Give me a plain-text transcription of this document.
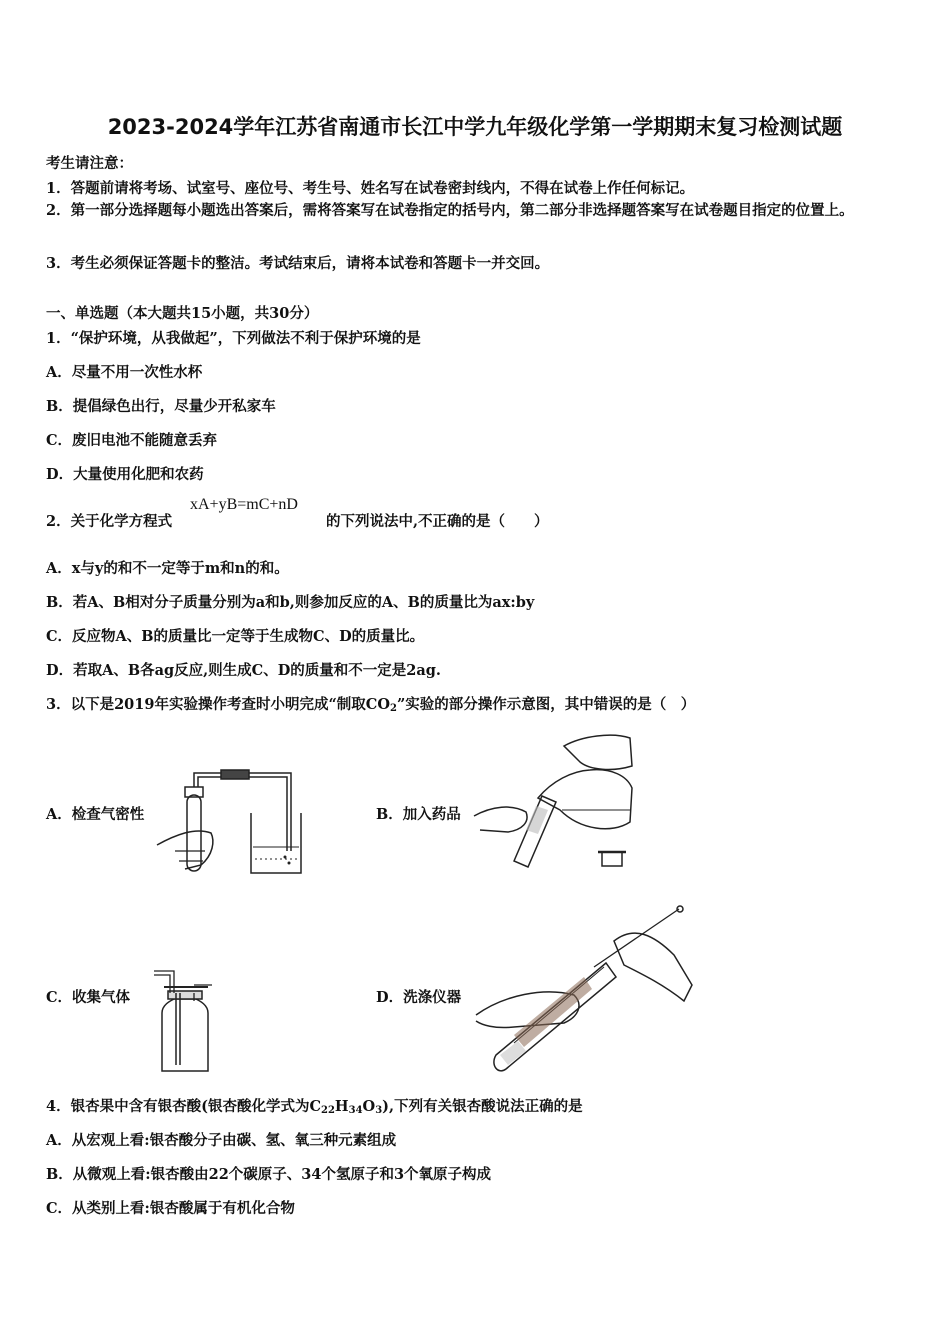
2023-2024学年江苏省南通市长江中学九年级化学第一学期期末复习检测试题
考生请注意：
1．答题前请将考场、试室号、座位号、考生号、姓名写在试卷密封线内，不得在试卷上作任何标记。
2．第一部分选择题每小题选出答案后，需将答案写在试卷指定的括号内，第二部分非选择题答案写在试卷题目指定的位置上。
3．考生必须保证答题卡的整洁。考试结束后，请将本试卷和答题卡一并交回。
一、单选题（本大题共15小题，共30分）
1．“保护环境，从我做起”，下列做法不利于保护环境的是
A．尽量不用一次性水杯
B．提倡绿色出行，尽量少开私家车
C．废旧电池不能随意丢弃
D．大量使用化肥和农药
2．关于化学方程式
xA+yB=mC+nD
的下列说法中,不正确的是（　　）
A．x与y的和不一定等于m和n的和。
B．若A、B相对分子质量分别为a和b,则参加反应的A、B的质量比为ax:by
C．反应物A、B的质量比一定等于生成物C、D的质量比。
D．若取A、B各ag反应,则生成C、D的质量和不一定是2ag.
3．以下是2019年实验操作考查时小明完成“制取$CO_2$”实验的部分操作示意图，其中错误的是（　）
A．检查气密性	B．加入药品
C．收集气体	D．洗涤仪器
4．银杏果中含有银杏酸(银杏酸化学式为$C_{22}H_{34}O_3$),下列有关银杏酸说法正确的是
A．从宏观上看:银杏酸分子由碳、氢、氧三种元素组成
B．从微观上看:银杏酸由22个碳原子、34个氢原子和3个氧原子构成
C．从类别上看:银杏酸属于有机化合物
